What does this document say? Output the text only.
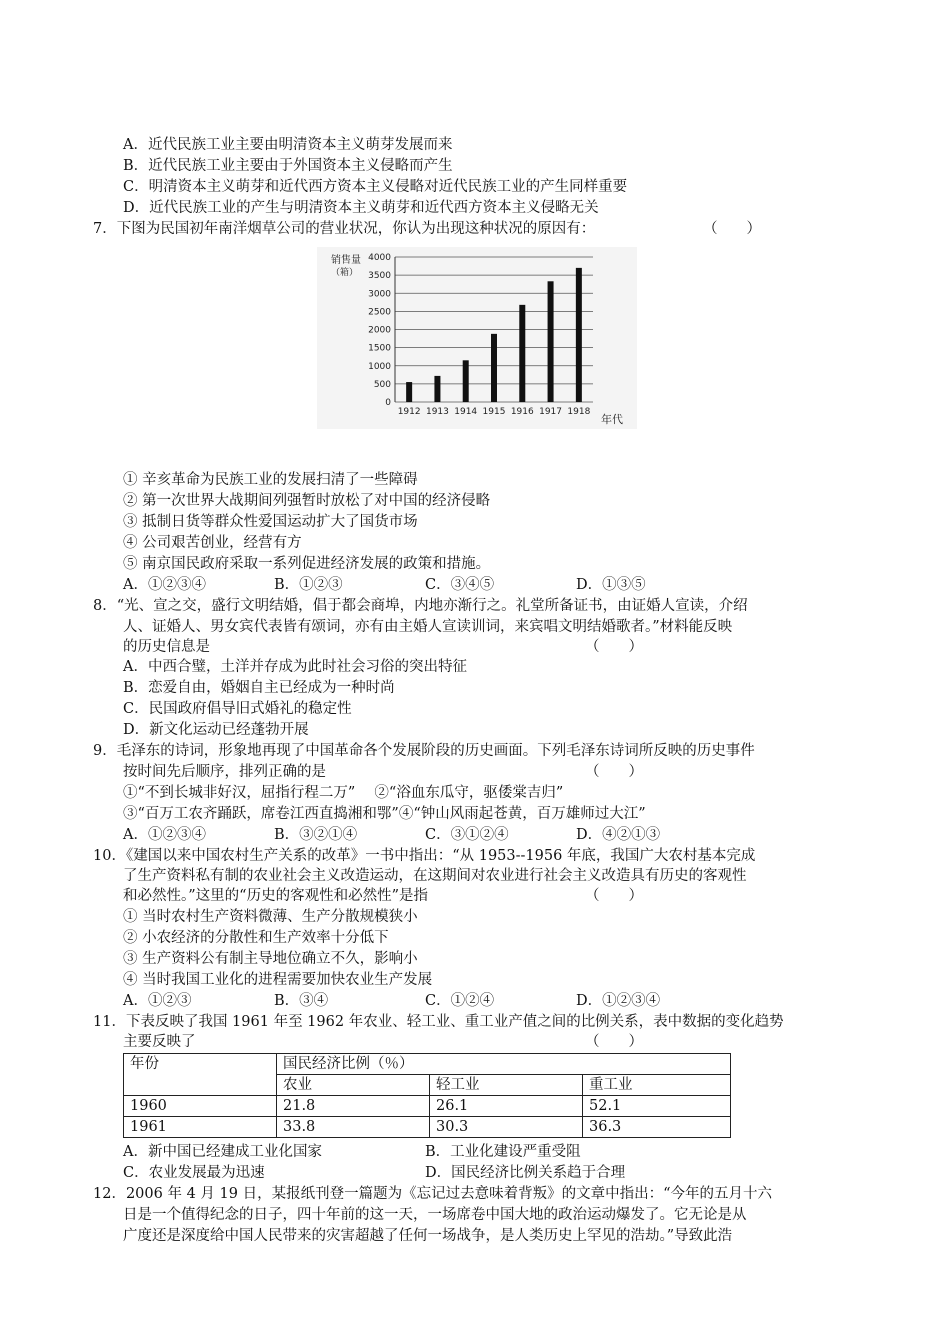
A．近代民族工业主要由明清资本主义萌芽发展而来
B．近代民族工业主要由于外国资本主义侵略而产生
C．明清资本主义萌芽和近代西方资本主义侵略对近代民族工业的产生同样重要
D．近代民族工业的产生与明清资本主义萌芽和近代西方资本主义侵略无关
7．下图为民国初年南洋烟草公司的营业状况，你认为出现这种状况的原因有：	（　　）
0
500
1000
1500
2000
2500
3000
3500
4000
销售量
（箱）
1912 1913 1914 1915 1916 1917 1918
年代
① 辛亥革命为民族工业的发展扫清了一些障碍
② 第一次世界大战期间列强暂时放松了对中国的经济侵略
③ 抵制日货等群众性爱国运动扩大了国货市场
④ 公司艰苦创业，经营有方
⑤ 南京国民政府采取一系列促进经济发展的政策和措施。
A．①②③④	B．①②③	C．③④⑤	D．①③⑤
8．“光、宣之交，盛行文明结婚，倡于都会商埠，内地亦渐行之。礼堂所备证书，由证婚人宣读，介绍
人、证婚人、男女宾代表皆有颂词，亦有由主婚人宣读训词，来宾唱文明结婚歌者。”材料能反映
的历史信息是	（　　）
A．中西合璧，土洋并存成为此时社会习俗的突出特征
B．恋爱自由，婚姻自主已经成为一种时尚
C．民国政府倡导旧式婚礼的稳定性
D．新文化运动已经蓬勃开展
9．毛泽东的诗词，形象地再现了中国革命各个发展阶段的历史画面。下列毛泽东诗词所反映的历史事件
按时间先后顺序，排列正确的是	（　　）
①“不到长城非好汉，屈指行程二万”　 ②“浴血东瓜守，驱倭棠吉归”
③“百万工农齐踊跃，席卷江西直捣湘和鄂”④“钟山风雨起苍黄，百万雄师过大江”
A．①②③④	B．③②①④	C．③①②④	D．④②①③
10．《建国以来中国农村生产关系的改革》一书中指出：“从 1953--1956 年底，我国广大农村基本完成
了生产资料私有制的农业社会主义改造运动，在这期间对农业进行社会主义改造具有历史的客观性
和必然性。”这里的“历史的客观性和必然性”是指	（　　）
① 当时农村生产资料微薄、生产分散规模狭小
② 小农经济的分散性和生产效率十分低下
③ 生产资料公有制主导地位确立不久，影响小
④ 当时我国工业化的进程需要加快农业生产发展
A．①②③	B．③④	C．①②④	D．①②③④
11．下表反映了我国 1961 年至 1962 年农业、轻工业、重工业产值之间的比例关系，表中数据的变化趋势
主要反映了	（　　）
年份	国民经济比例（％）		
	农业	轻工业	重工业
1960	21.8	26.1	52.1
1961	33.8	30.3	36.3
A．新中国已经建成工业化国家	B．工业化建设严重受阻
C．农业发展最为迅速	D．国民经济比例关系趋于合理
12．2006 年 4 月 19 日，某报纸刊登一篇题为《忘记过去意味着背叛》的文章中指出：“今年的五月十六
日是一个值得纪念的日子，四十年前的这一天，一场席卷中国大地的政治运动爆发了。它无论是从
广度还是深度给中国人民带来的灾害超越了任何一场战争，是人类历史上罕见的浩劫。”导致此浩
